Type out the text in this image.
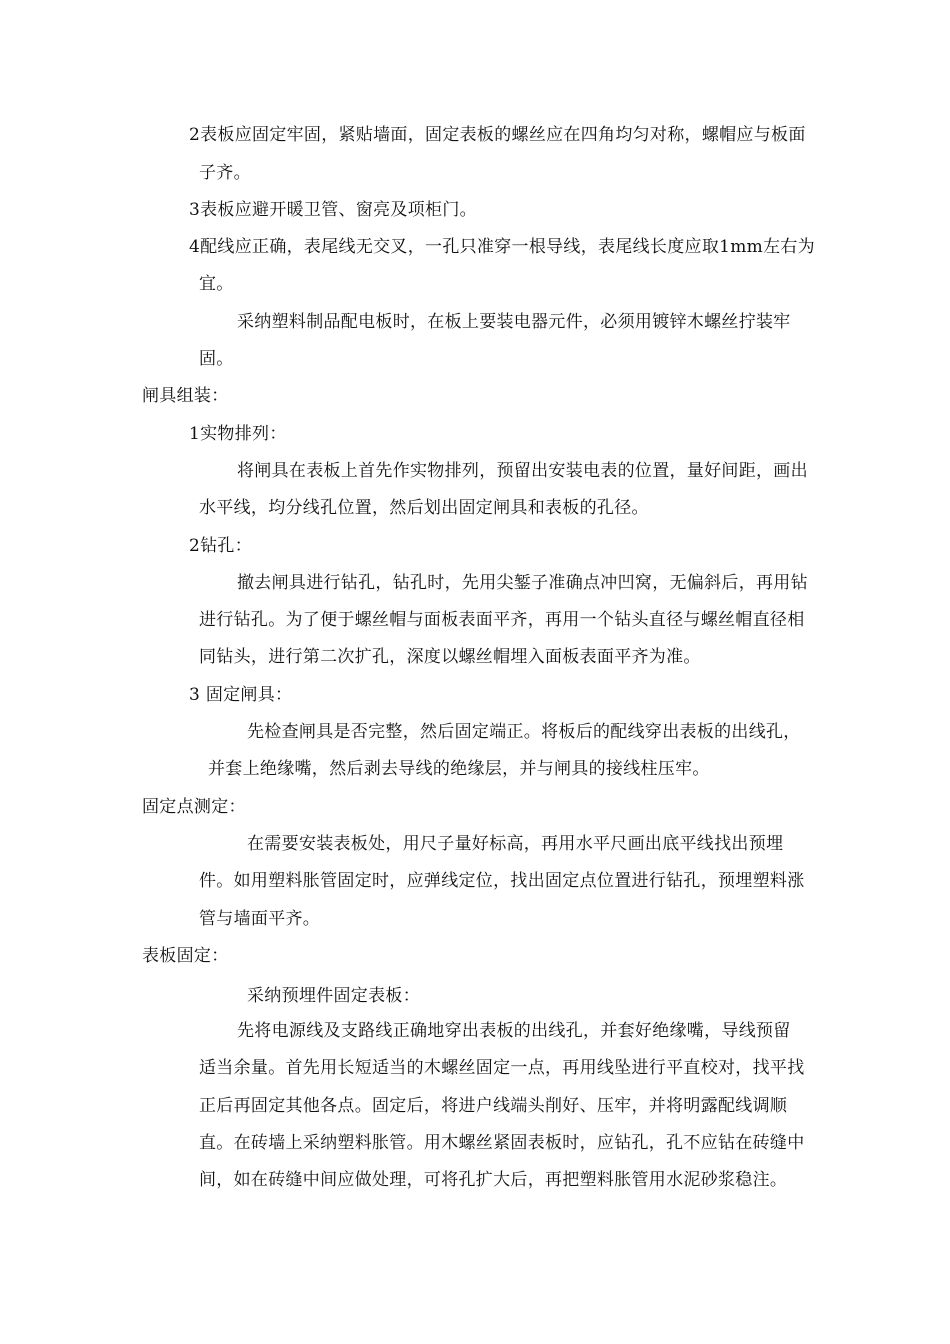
2表板应固定牢固，紧贴墙面，固定表板的螺丝应在四角均匀对称，螺帽应与板面
子齐。
3表板应避开暖卫管、窗亮及项柜门。
4配线应正确，表尾线无交叉，一孔只准穿一根导线，表尾线长度应取1mm左右为
宜。
采纳塑料制品配电板时，在板上要装电器元件，必须用镀锌木螺丝拧装牢
固。
闸具组装：
1实物排列：
将闸具在表板上首先作实物排列，预留出安装电表的位置，量好间距，画出
水平线，均分线孔位置，然后划出固定闸具和表板的孔径。
2钻孔：
撤去闸具进行钻孔，钻孔时，先用尖錾子准确点冲凹窝，无偏斜后，再用钻
进行钻孔。为了便于螺丝帽与面板表面平齐，再用一个钻头直径与螺丝帽直径相
同钻头，进行第二次扩孔，深度以螺丝帽埋入面板表面平齐为准。
3 固定闸具：
先检查闸具是否完整，然后固定端正。将板后的配线穿出表板的出线孔，
并套上绝缘嘴，然后剥去导线的绝缘层，并与闸具的接线柱压牢。
固定点测定：
在需要安装表板处，用尺子量好标高，再用水平尺画出底平线找出预埋
件。如用塑料胀管固定时，应弹线定位，找出固定点位置进行钻孔，预埋塑料涨
管与墙面平齐。
表板固定：
采纳预埋件固定表板：
先将电源线及支路线正确地穿出表板的出线孔，并套好绝缘嘴，导线预留
适当余量。首先用长短适当的木螺丝固定一点，再用线坠进行平直校对，找平找
正后再固定其他各点。固定后，将进户线端头削好、压牢，并将明露配线调顺
直。在砖墙上采纳塑料胀管。用木螺丝紧固表板时，应钻孔，孔不应钻在砖缝中
间，如在砖缝中间应做处理，可将孔扩大后，再把塑料胀管用水泥砂浆稳注。
